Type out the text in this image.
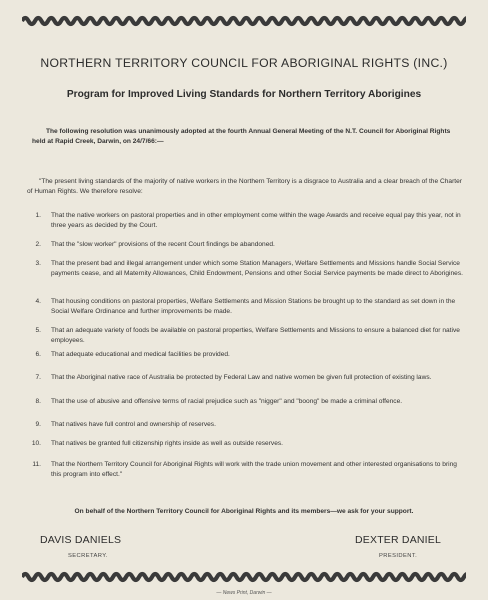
NORTHERN TERRITORY COUNCIL FOR ABORIGINAL RIGHTS (INC.)
Program for Improved Living Standards for Northern Territory Aborigines
The following resolution was unanimously adopted at the fourth Annual General Meeting of the N.T. Council for Aboriginal Rights held at Rapid Creek, Darwin, on 24/7/66:—
"The present living standards of the majority of native workers in the Northern Territory is a disgrace to Australia and a clear breach of the Charter of Human Rights. We therefore resolve:
1. That the native workers on pastoral properties and in other employment come within the wage Awards and receive equal pay this year, not in three years as decided by the Court.
2. That the "slow worker" provisions of the recent Court findings be abandoned.
3. That the present bad and illegal arrangement under which some Station Managers, Welfare Settlements and Missions handle Social Service payments cease, and all Maternity Allowances, Child Endowment, Pensions and other Social Service payments be made direct to Aborigines.
4. That housing conditions on pastoral properties, Welfare Settlements and Mission Stations be brought up to the standard as set down in the Social Welfare Ordinance and further improvements be made.
5. That an adequate variety of foods be available on pastoral properties, Welfare Settlements and Missions to ensure a balanced diet for native employees.
6. That adequate educational and medical facilities be provided.
7. That the Aboriginal native race of Australia be protected by Federal Law and native women be given full protection of existing laws.
8. That the use of abusive and offensive terms of racial prejudice such as "nigger" and "boong" be made a criminal offence.
9. That natives have full control and ownership of reserves.
10. That natives be granted full citizenship rights inside as well as outside reserves.
11. That the Northern Territory Council for Aboriginal Rights will work with the trade union movement and other interested organisations to bring this program into effect."
On behalf of the Northern Territory Council for Aboriginal Rights and its members—we ask for your support.
DAVIS DANIELS
SECRETARY.
DEXTER DANIEL
PRESIDENT.
— News Print, Darwin —
